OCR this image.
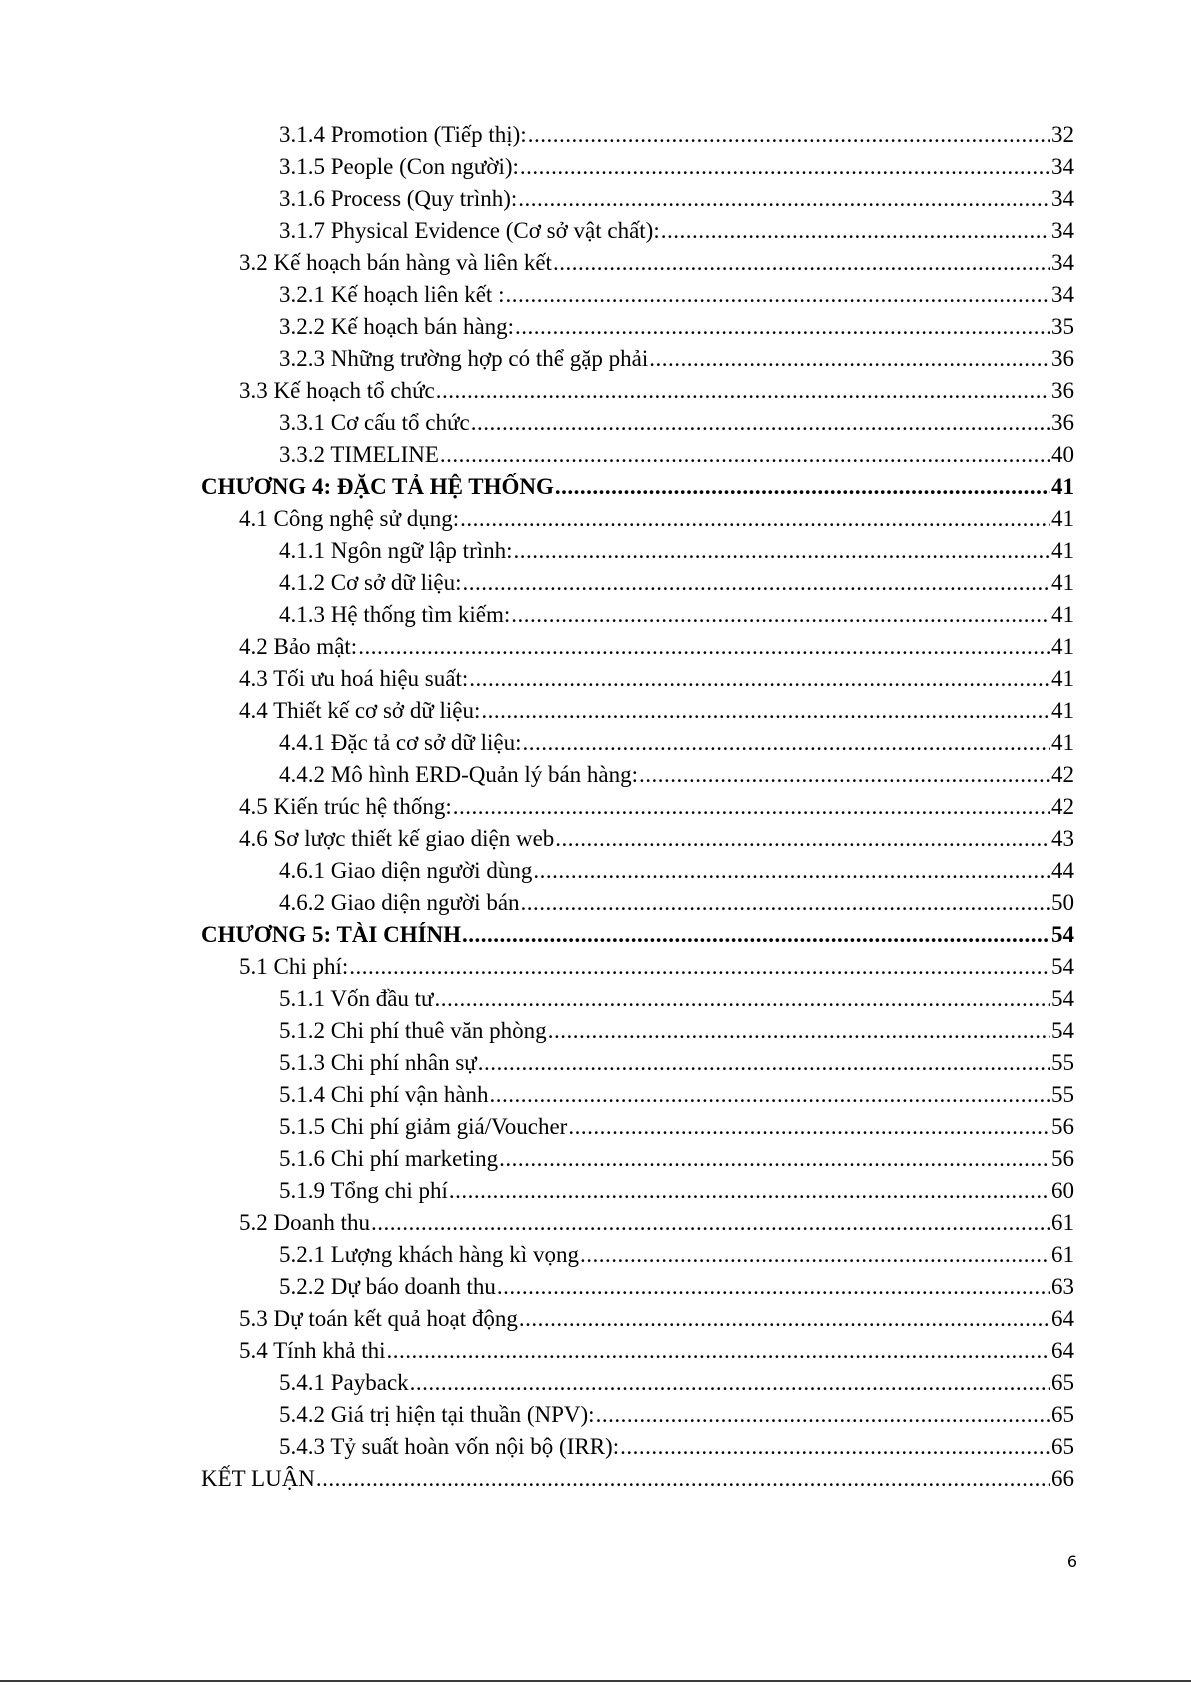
3.1.4 Promotion (Tiếp thị): .....	32
3.1.5 People (Con người): .....	34
3.1.6 Process (Quy trình): .....	34
3.1.7 Physical Evidence (Cơ sở vật chất): .....	34
3.2 Kế hoạch bán hàng và liên kết .....	34
3.2.1 Kế hoạch liên kết : .....	34
3.2.2 Kế hoạch bán hàng: .....	35
3.2.3 Những trường hợp có thể gặp phải .....	36
3.3 Kế hoạch tổ chức .....	36
3.3.1 Cơ cấu tổ chức .....	36
3.3.2 TIMELINE .....	40
CHƯƠNG 4: ĐẶC TẢ HỆ THỐNG .....	41
4.1 Công nghệ sử dụng: .....	41
4.1.1 Ngôn ngữ lập trình: .....	41
4.1.2 Cơ sở dữ liệu: .....	41
4.1.3 Hệ thống tìm kiếm: .....	41
4.2 Bảo mật: .....	41
4.3 Tối ưu hoá hiệu suất: .....	41
4.4 Thiết kế cơ sở dữ liệu: .....	41
4.4.1 Đặc tả cơ sở dữ liệu: .....	41
4.4.2 Mô hình ERD-Quản lý bán hàng: .....	42
4.5 Kiến trúc hệ thống: .....	42
4.6 Sơ lược thiết kế giao diện web .....	43
4.6.1 Giao diện người dùng .....	44
4.6.2 Giao diện người bán .....	50
CHƯƠNG 5: TÀI CHÍNH .....	54
5.1 Chi phí: .....	54
5.1.1 Vốn đầu tư .....	54
5.1.2 Chi phí thuê văn phòng .....	54
5.1.3 Chi phí nhân sự .....	55
5.1.4 Chi phí vận hành .....	55
5.1.5 Chi phí giảm giá/Voucher .....	56
5.1.6 Chi phí marketing .....	56
5.1.9 Tổng chi phí .....	60
5.2 Doanh thu .....	61
5.2.1 Lượng khách hàng kì vọng .....	61
5.2.2 Dự báo doanh thu .....	63
5.3 Dự toán kết quả hoạt động .....	64
5.4 Tính khả thi .....	64
5.4.1 Payback .....	65
5.4.2 Giá trị hiện tại thuần (NPV): .....	65
5.4.3 Tỷ suất hoàn vốn nội bộ (IRR): .....	65
KẾT LUẬN .....	66
6
